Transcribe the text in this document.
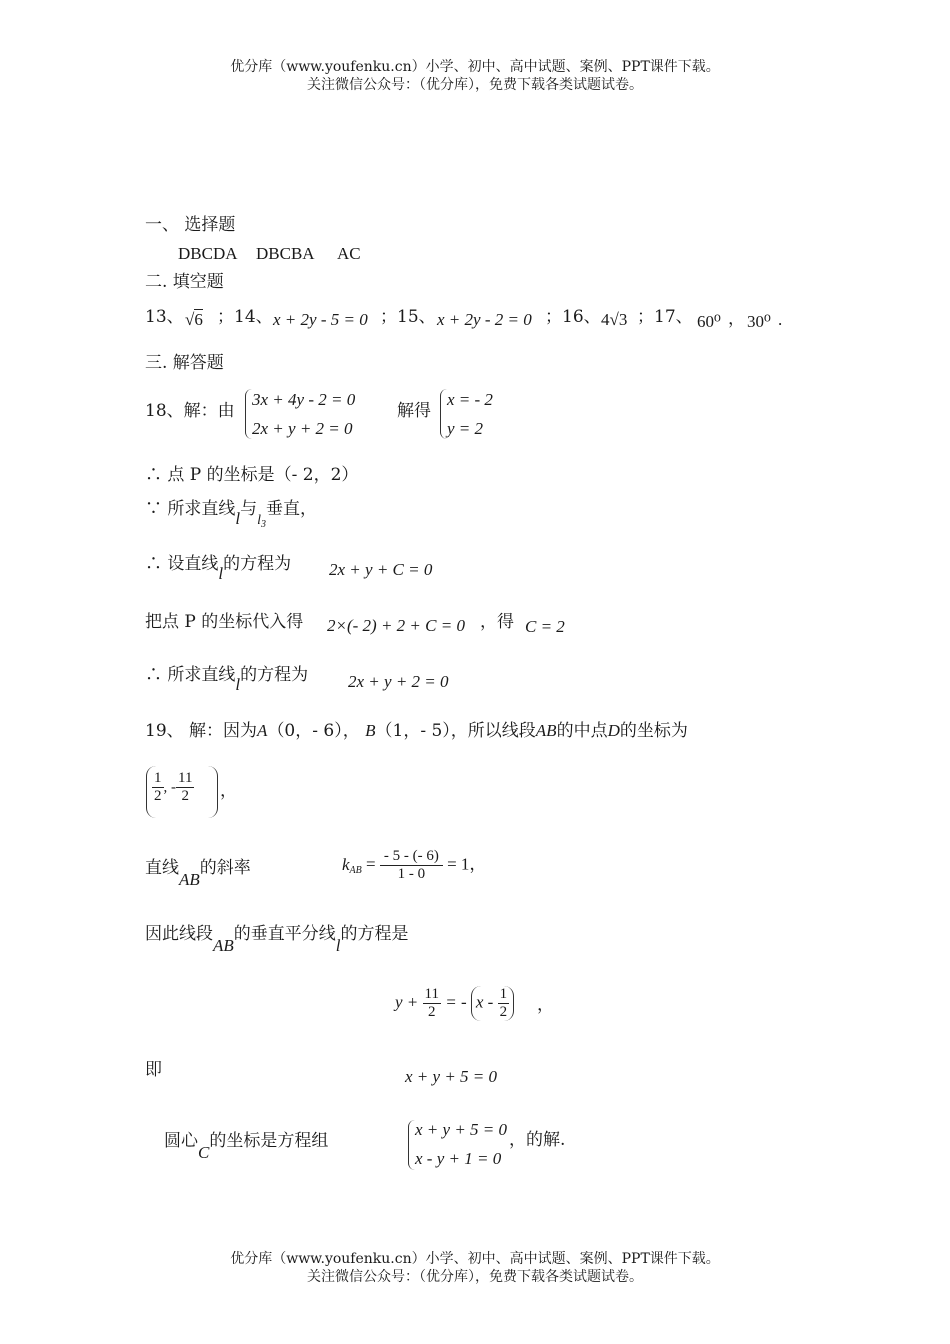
优分库（www.youfenku.cn）小学、初中、高中试题、案例、PPT课件下载。
关注微信公众号：（优分库），免费下载各类试题试卷。
一、 选择题
DBCDA DBCBA AC
二. 填空题
13、 √6 ；14、 x + 2y - 5 = 0 ；15、 x + 2y - 2 = 0 ；16、 4√3 ；17、 60⁰ ， 30⁰ .
三. 解答题
18、解：由
3x + 4y - 2 = 0
2x + y + 2 = 0
解得
x = - 2
y = 2
∴ 点 P 的坐标是（- 2，2）
∵ 所求直线l与$_{l_3}$垂直，
∴ 设直线l的方程为 2x + y + C = 0
把点 P 的坐标代入得 2×(- 2) + 2 + C = 0 ，得 C = 2
∴ 所求直线l的方程为 2x + y + 2 = 0
19、 解：因为A（0，- 6）， B（1，- 5），所以线段AB的中点D的坐标为
$\frac{1}{2}$ , - $\frac{11}{2}$ ，
直线AB的斜率	$k_{AB} = \frac{- 5 - (- 6)}{1 - 0} = 1$，
因此线段AB的垂直平分线l的方程是
$y + \frac{11}{2}$ = - x - $\frac{1}{2}$ ，
即	x + y + 5 = 0
圆心C的坐标是方程组
x + y + 5 = 0
x - y + 1 = 0
，的解.
优分库（www.youfenku.cn）小学、初中、高中试题、案例、PPT课件下载。
关注微信公众号：（优分库），免费下载各类试题试卷。
